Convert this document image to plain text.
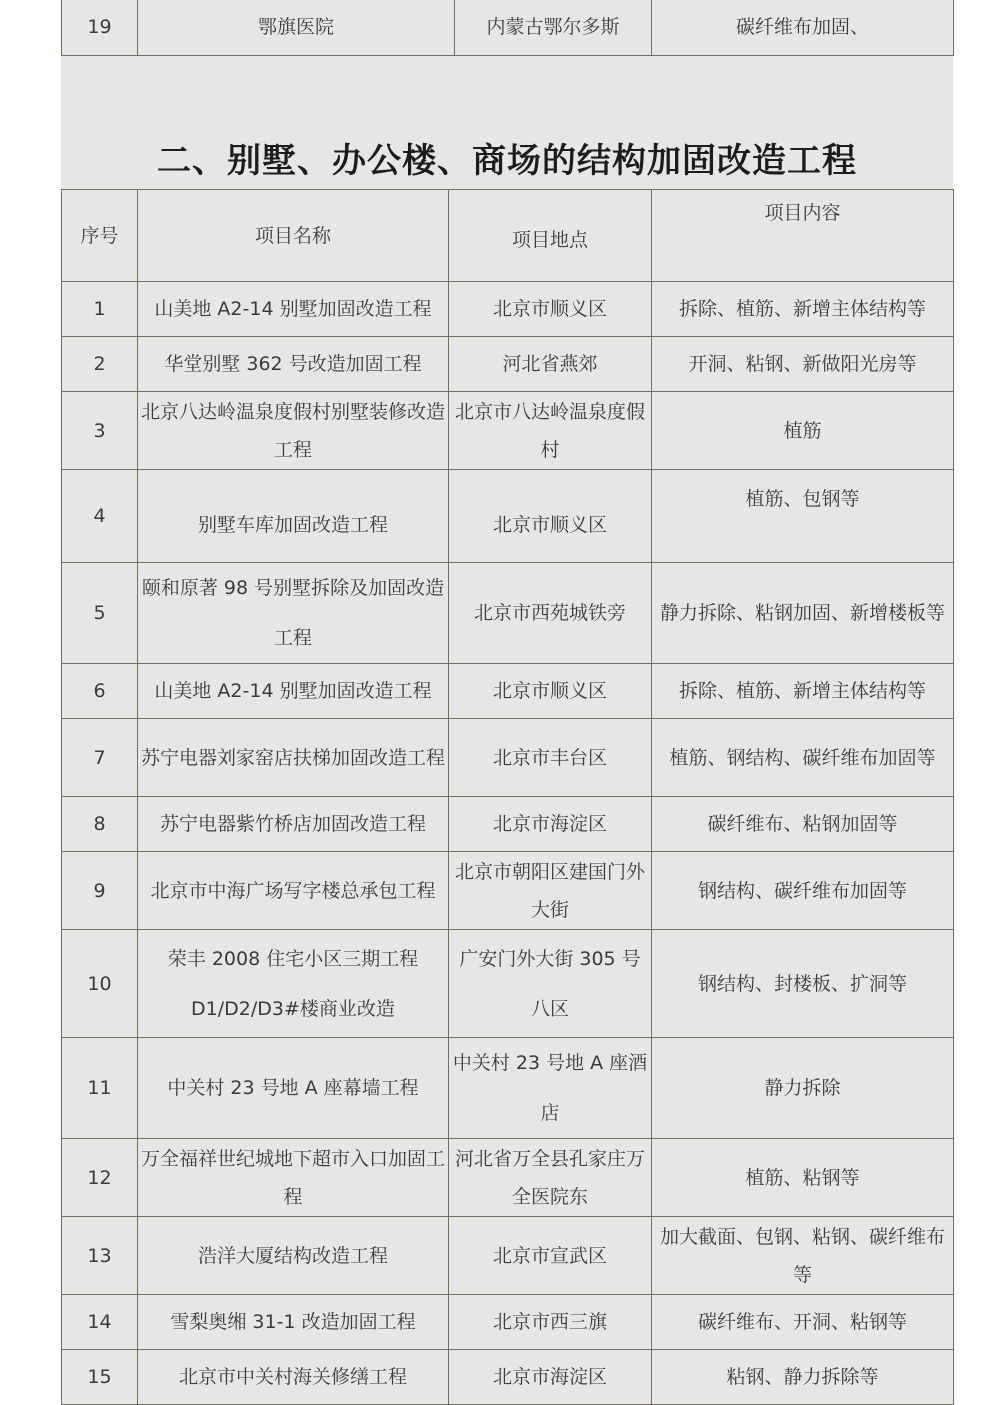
19	鄂旗医院	内蒙古鄂尔多斯	碳纤维布加固、
二、别墅、办公楼、商场的结构加固改造工程
序号	项目名称	项目地点	项目内容
1	山美地 A2-14 别墅加固改造工程	北京市顺义区	拆除、植筋、新增主体结构等
2	华堂别墅 362 号改造加固工程	河北省燕郊	开洞、粘钢、新做阳光房等
3	北京八达岭温泉度假村别墅装修改造工程	北京市八达岭温泉度假村	植筋
4	别墅车库加固改造工程	北京市顺义区	植筋、包钢等
5	颐和原著 98 号别墅拆除及加固改造工程	北京市西苑城铁旁	静力拆除、粘钢加固、新增楼板等
6	山美地 A2-14 别墅加固改造工程	北京市顺义区	拆除、植筋、新增主体结构等
7	苏宁电器刘家窑店扶梯加固改造工程	北京市丰台区	植筋、钢结构、碳纤维布加固等
8	苏宁电器紫竹桥店加固改造工程	北京市海淀区	碳纤维布、粘钢加固等
9	北京市中海广场写字楼总承包工程	北京市朝阳区建国门外大街	钢结构、碳纤维布加固等
10	荣丰 2008 住宅小区三期工程 D1/D2/D3#楼商业改造	广安门外大街 305 号八区	钢结构、封楼板、扩洞等
11	中关村 23 号地 A 座幕墙工程	中关村 23 号地 A 座酒店	静力拆除
12	万全福祥世纪城地下超市入口加固工程	河北省万全县孔家庄万全医院东	植筋、粘钢等
13	浩洋大厦结构改造工程	北京市宣武区	加大截面、包钢、粘钢、碳纤维布等
14	雪梨奥缃 31-1 改造加固工程	北京市西三旗	碳纤维布、开洞、粘钢等
15	北京市中关村海关修缮工程	北京市海淀区	粘钢、静力拆除等
